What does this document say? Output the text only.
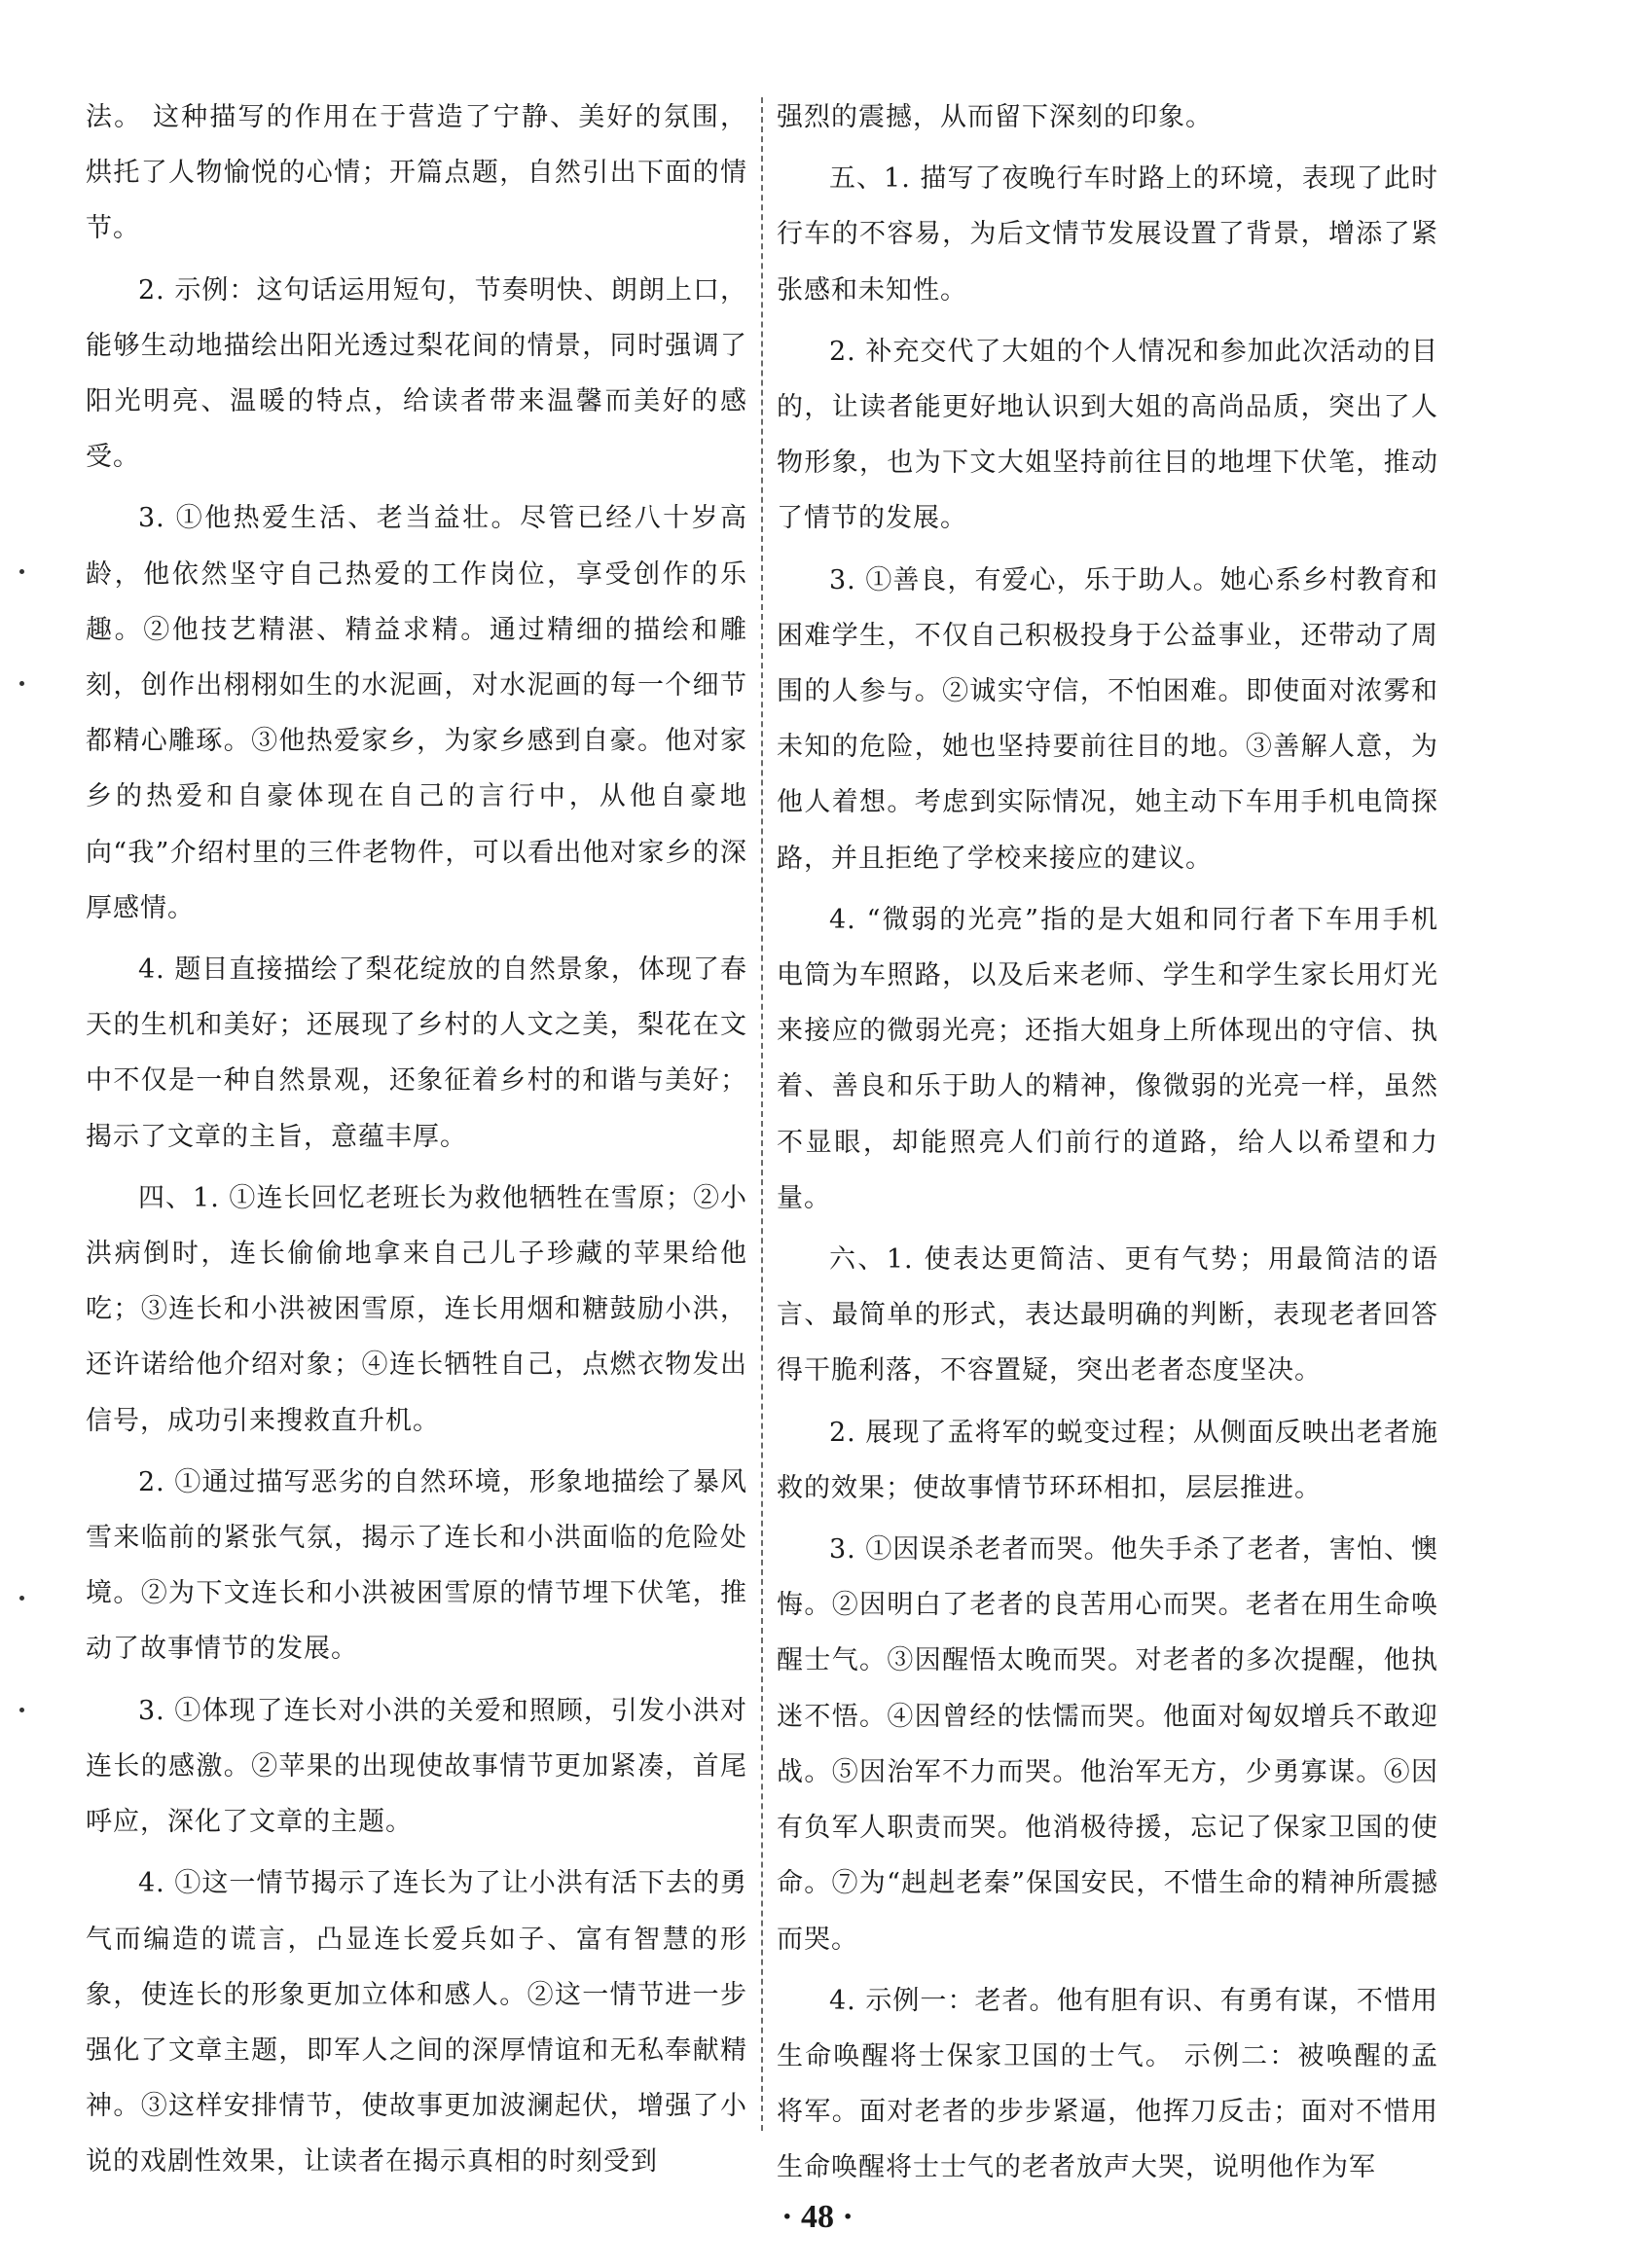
法。 这种描写的作用在于营造了宁静、美好的氛围，烘托了人物愉悦的心情；开篇点题，自然引出下面的情节。

2. 示例：这句话运用短句，节奏明快、朗朗上口，能够生动地描绘出阳光透过梨花间的情景，同时强调了阳光明亮、温暖的特点，给读者带来温馨而美好的感受。

3. ①他热爱生活、老当益壮。尽管已经八十岁高龄，他依然坚守自己热爱的工作岗位，享受创作的乐趣。②他技艺精湛、精益求精。通过精细的描绘和雕刻，创作出栩栩如生的水泥画，对水泥画的每一个细节都精心雕琢。③他热爱家乡，为家乡感到自豪。他对家乡的热爱和自豪体现在自己的言行中，从他自豪地向“我”介绍村里的三件老物件，可以看出他对家乡的深厚感情。

4. 题目直接描绘了梨花绽放的自然景象，体现了春天的生机和美好；还展现了乡村的人文之美，梨花在文中不仅是一种自然景观，还象征着乡村的和谐与美好；揭示了文章的主旨，意蕴丰厚。

四、1. ①连长回忆老班长为救他牺牲在雪原；②小洪病倒时，连长偷偷地拿来自己儿子珍藏的苹果给他吃；③连长和小洪被困雪原，连长用烟和糖鼓励小洪，还许诺给他介绍对象；④连长牺牲自己，点燃衣物发出信号，成功引来搜救直升机。

2. ①通过描写恶劣的自然环境，形象地描绘了暴风雪来临前的紧张气氛，揭示了连长和小洪面临的危险处境。②为下文连长和小洪被困雪原的情节埋下伏笔，推动了故事情节的发展。

3. ①体现了连长对小洪的关爱和照顾，引发小洪对连长的感激。②苹果的出现使故事情节更加紧凑，首尾呼应，深化了文章的主题。

4. ①这一情节揭示了连长为了让小洪有活下去的勇气而编造的谎言，凸显连长爱兵如子、富有智慧的形象，使连长的形象更加立体和感人。②这一情节进一步强化了文章主题，即军人之间的深厚情谊和无私奉献精神。③这样安排情节，使故事更加波澜起伏，增强了小说的戏剧性效果，让读者在揭示真相的时刻受到

强烈的震撼，从而留下深刻的印象。

五、1. 描写了夜晚行车时路上的环境，表现了此时行车的不容易，为后文情节发展设置了背景，增添了紧张感和未知性。

2. 补充交代了大姐的个人情况和参加此次活动的目的，让读者能更好地认识到大姐的高尚品质，突出了人物形象，也为下文大姐坚持前往目的地埋下伏笔，推动了情节的发展。

3. ①善良，有爱心，乐于助人。她心系乡村教育和困难学生，不仅自己积极投身于公益事业，还带动了周围的人参与。②诚实守信，不怕困难。即使面对浓雾和未知的危险，她也坚持要前往目的地。③善解人意，为他人着想。考虑到实际情况，她主动下车用手机电筒探路，并且拒绝了学校来接应的建议。

4. “微弱的光亮”指的是大姐和同行者下车用手机电筒为车照路，以及后来老师、学生和学生家长用灯光来接应的微弱光亮；还指大姐身上所体现出的守信、执着、善良和乐于助人的精神，像微弱的光亮一样，虽然不显眼，却能照亮人们前行的道路，给人以希望和力量。

六、1. 使表达更简洁、更有气势；用最简洁的语言、最简单的形式，表达最明确的判断，表现老者回答得干脆利落，不容置疑，突出老者态度坚决。

2. 展现了孟将军的蜕变过程；从侧面反映出老者施救的效果；使故事情节环环相扣，层层推进。

3. ①因误杀老者而哭。他失手杀了老者，害怕、懊悔。②因明白了老者的良苦用心而哭。老者在用生命唤醒士气。③因醒悟太晚而哭。对老者的多次提醒，他执迷不悟。④因曾经的怯懦而哭。他面对匈奴增兵不敢迎战。⑤因治军不力而哭。他治军无方，少勇寡谋。⑥因有负军人职责而哭。他消极待援，忘记了保家卫国的使命。⑦为“赳赳老秦”保国安民，不惜生命的精神所震撼而哭。

4. 示例一：老者。他有胆有识、有勇有谋，不惜用生命唤醒将士保家卫国的士气。 示例二：被唤醒的孟将军。面对老者的步步紧逼，他挥刀反击；面对不惜用生命唤醒将士士气的老者放声大哭，说明他作为军

· 48 ·
